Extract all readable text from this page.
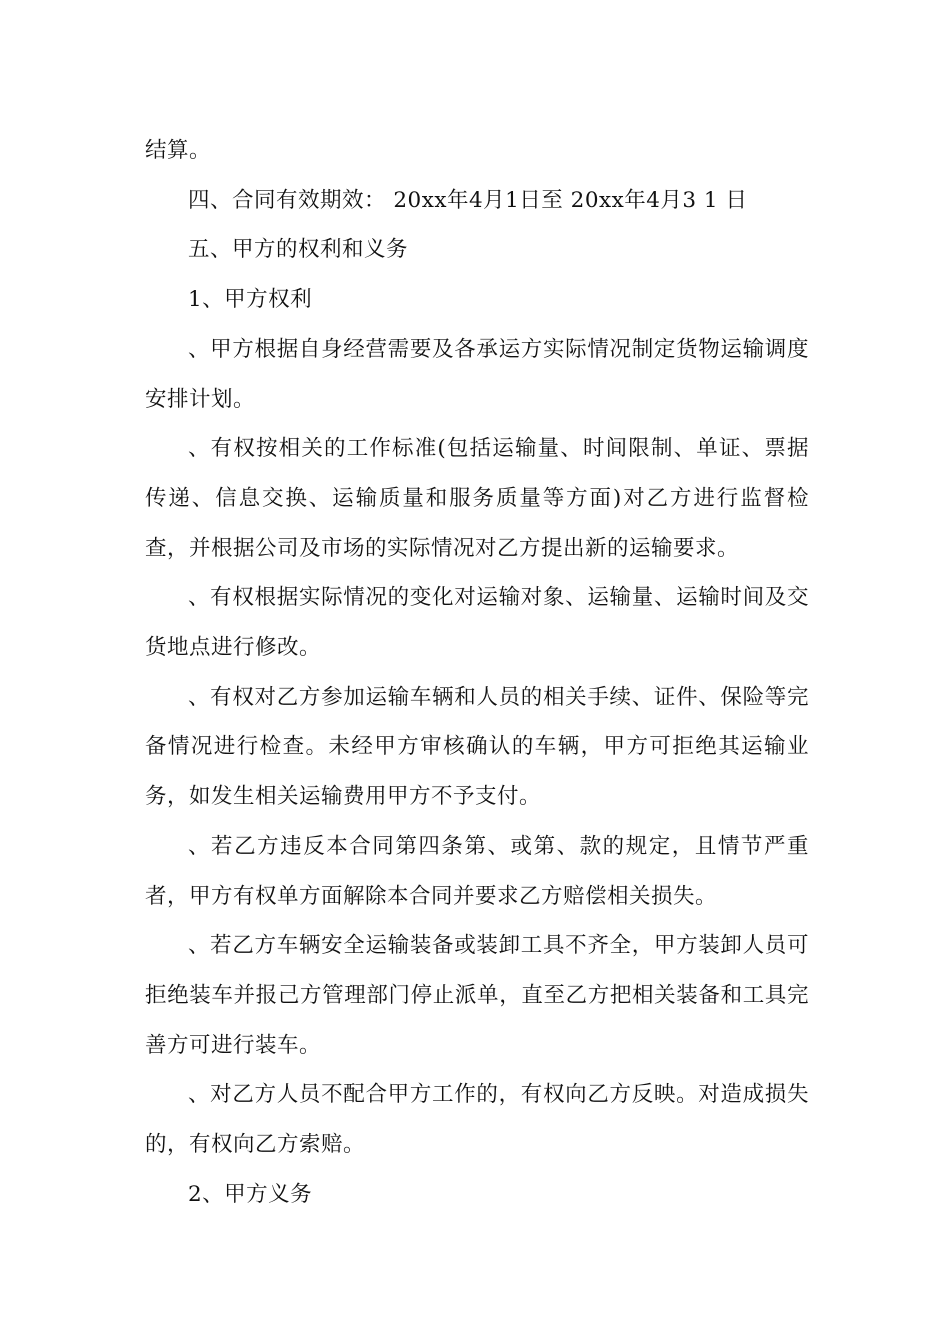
结算。

四、合同有效期效： 20xx年4月1日至 20xx年4月3 1 日

五、甲方的权利和义务

1、甲方权利

、甲方根据自身经营需要及各承运方实际情况制定货物运输调度安排计划。

、有权按相关的工作标准(包括运输量、时间限制、单证、票据传递、信息交换、运输质量和服务质量等方面)对乙方进行监督检查，并根据公司及市场的实际情况对乙方提出新的运输要求。

、有权根据实际情况的变化对运输对象、运输量、运输时间及交货地点进行修改。

、有权对乙方参加运输车辆和人员的相关手续、证件、保险等完备情况进行检查。未经甲方审核确认的车辆，甲方可拒绝其运输业务，如发生相关运输费用甲方不予支付。

、若乙方违反本合同第四条第、或第、款的规定，且情节严重者，甲方有权单方面解除本合同并要求乙方赔偿相关损失。

、若乙方车辆安全运输装备或装卸工具不齐全，甲方装卸人员可拒绝装车并报己方管理部门停止派单，直至乙方把相关装备和工具完善方可进行装车。

、对乙方人员不配合甲方工作的，有权向乙方反映。对造成损失的，有权向乙方索赔。

2、甲方义务
